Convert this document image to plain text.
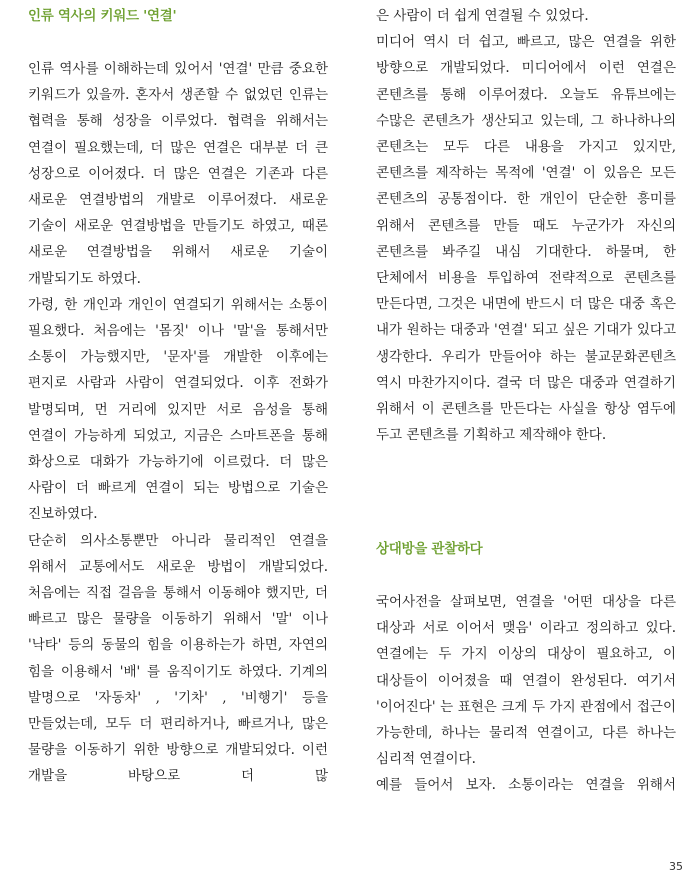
인류 역사의 키워드 '연결'

인류 역사를 이해하는데 있어서 '연결' 만큼 중요한 키워드가 있을까. 혼자서 생존할 수 없었던 인류는 협력을 통해 성장을 이루었다. 협력을 위해서는 연결이 필요했는데, 더 많은 연결은 대부분 더 큰 성장으로 이어졌다. 더 많은 연결은 기존과 다른 새로운 연결방법의 개발로 이루어졌다. 새로운 기술이 새로운 연결방법을 만들기도 하였고, 때론 새로운 연결방법을 위해서 새로운 기술이 개발되기도 하였다.

가령, 한 개인과 개인이 연결되기 위해서는 소통이 필요했다. 처음에는 '몸짓' 이나 '말'을 통해서만 소통이 가능했지만, '문자'를 개발한 이후에는 편지로 사람과 사람이 연결되었다. 이후 전화가 발명되며, 먼 거리에 있지만 서로 음성을 통해 연결이 가능하게 되었고, 지금은 스마트폰을 통해 화상으로 대화가 가능하기에 이르렀다. 더 많은 사람이 더 빠르게 연결이 되는 방법으로 기술은 진보하였다.

단순히 의사소통뿐만 아니라 물리적인 연결을 위해서 교통에서도 새로운 방법이 개발되었다. 처음에는 직접 걸음을 통해서 이동해야 했지만, 더 빠르고 많은 물량을 이동하기 위해서 '말' 이나 '낙타' 등의 동물의 힘을 이용하는가 하면, 자연의 힘을 이용해서 '배' 를 움직이기도 하였다. 기계의 발명으로 '자동차' , '기차' , '비행기' 등을 만들었는데, 모두 더 편리하거나, 빠르거나, 많은 물량을 이동하기 위한 방향으로 개발되었다. 이런 개발을 바탕으로 더 많

은 사람이 더 쉽게 연결될 수 있었다.

미디어 역시 더 쉽고, 빠르고, 많은 연결을 위한 방향으로 개발되었다. 미디어에서 이런 연결은 콘텐츠를 통해 이루어졌다. 오늘도 유튜브에는 수많은 콘텐츠가 생산되고 있는데, 그 하나하나의 콘텐츠는 모두 다른 내용을 가지고 있지만, 콘텐츠를 제작하는 목적에 '연결' 이 있음은 모든 콘텐츠의 공통점이다. 한 개인이 단순한 흥미를 위해서 콘텐츠를 만들 때도 누군가가 자신의 콘텐츠를 봐주길 내심 기대한다. 하물며, 한 단체에서 비용을 투입하여 전략적으로 콘텐츠를 만든다면, 그것은 내면에 반드시 더 많은 대중 혹은 내가 원하는 대중과 '연결' 되고 싶은 기대가 있다고 생각한다. 우리가 만들어야 하는 불교문화콘텐츠 역시 마찬가지이다. 결국 더 많은 대중과 연결하기 위해서 이 콘텐츠를 만든다는 사실을 항상 염두에 두고 콘텐츠를 기획하고 제작해야 한다.

상대방을 관찰하다

국어사전을 살펴보면, 연결을 '어떤 대상을 다른 대상과 서로 이어서 맺음' 이라고 정의하고 있다. 연결에는 두 가지 이상의 대상이 필요하고, 이 대상들이 이어졌을 때 연결이 완성된다. 여기서 '이어진다' 는 표현은 크게 두 가지 관점에서 접근이 가능한데, 하나는 물리적 연결이고, 다른 하나는 심리적 연결이다.

예를 들어서 보자. 소통이라는 연결을 위해서

35
